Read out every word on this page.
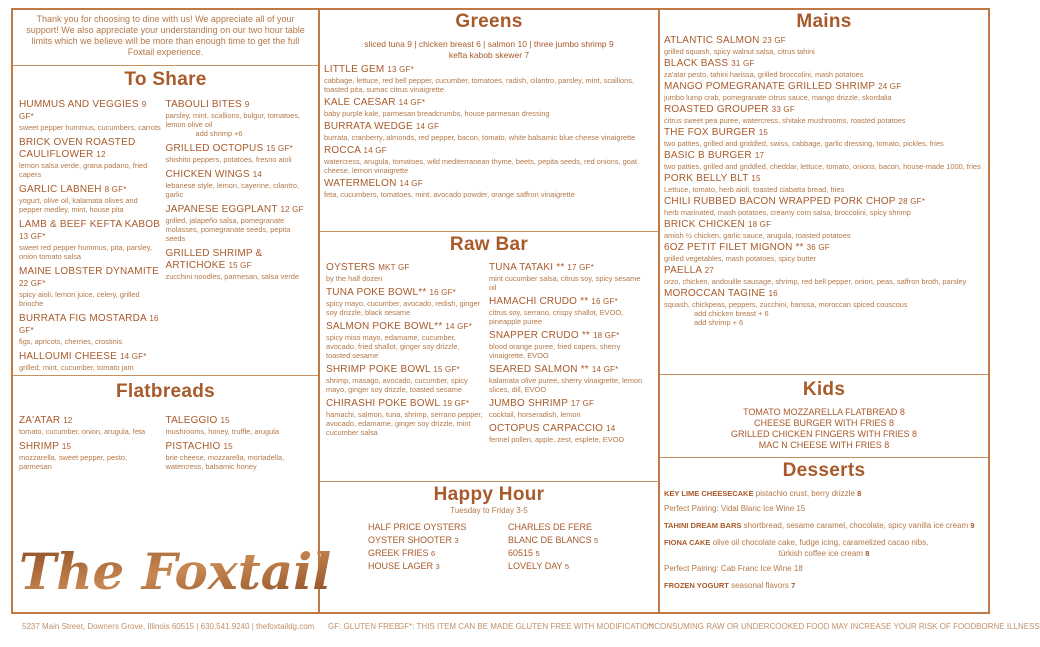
Thank you for choosing to dine with us! We appreciate all of your support! We also appreciate your understanding on our two hour table limits which we believe will be more than enough time to get the full Foxtail experience.
To Share
HUMMUS AND VEGGIES 9 GF*
sweet pepper hummus, cucumbers, carrots
BRICK OVEN ROASTED CAULIFLOWER 12
lemon salsa verde, grana padano, fried capers
GARLIC LABNEH 8 GF*
yogurt, olive oil, kalamata olives and pepper medley, mint, house pita
LAMB & BEEF KEFTA KABOB 13 GF*
sweet red pepper hummus, pita, parsley, onion tomato salsa
MAINE LOBSTER DYNAMITE 22 GF*
spicy aioli, lemon juice, celery, grilled brioche
BURRATA FIG MOSTARDA 16 GF*
figs, apricots, cherries, crostinis
HALLOUMI CHEESE 14 GF*
grilled, mint, cucumber, tomato jam
TABOULI BITES 9
parsley, mint, scallions, bulgur, tomatoes, lemon olive oil
add shrimp +6
GRILLED OCTOPUS 15 GF*
shishito peppers, potatoes, fresno aioli
CHICKEN WINGS 14
lebanese style, lemon, cayenne, cilantro, garlic
JAPANESE EGGPLANT 12 GF
grilled, jalapeño salsa, pomegranate molasses, pomegranate seeds, pepita seeds
GRILLED SHRIMP & ARTICHOKE 15 GF
zucchini noodles, parmesan, salsa verde
Flatbreads
ZA'ATAR 12
tomato, cucumber, onion, arugula, feta
SHRIMP 15
mozzarella, sweet pepper, pesto, parmesan
TALEGGIO 15
mushrooms, honey, truffle, arugula
PISTACHIO 15
brie cheese, mozzarella, mortadella, watercress, balsamic honey
The Foxtail
Greens
sliced tuna 9 | chicken breast 6 | salmon 10 | three jumbo shrimp 9
kefta kabob skewer 7
LITTLE GEM 13 GF*
cabbage, lettuce, red bell pepper, cucumber, tomatoes, radish, cilantro, parsley, mint, scallions, toasted pita, sumac citrus vinaigrette
KALE CAESAR 14 GF*
baby purple kale, parmesan breadcrumbs, house parmesan dressing
BURRATA WEDGE 14 GF
burrata, cranberry, almonds, red pepper, bacon, tomato, white balsamic blue cheese vinaigrette
ROCCA 14 GF
watercress, arugula, tomatoes, wild mediterranean thyme, beets, pepita seeds, red onions, goat cheese, lemon vinaigrette
WATERMELON 14 GF
feta, cucumbers, tomatoes, mint, avocado powder, orange saffron vinaigrette
Raw Bar
OYSTERS MKT GF
by the half dozen
TUNA POKE BOWL** 16 GF*
spicy mayo, cucumber, avocado, redish, ginger soy drizzle, black sesame
SALMON POKE BOWL** 14 GF*
spicy miso mayo, edamame, cucumber, avocado, fried shallot, ginger soy drizzle, toasted sesame
SHRIMP POKE BOWL 15 GF*
shrimp, masago, avocado, cucumber, spicy mayo, ginger soy drizzle, toasted sesame
CHIRASHI POKE BOWL 19 GF*
hamachi, salmon, tuna, shrimp, serrano pepper, avocado, edamame, ginger soy drizzle, mint cucumber salsa
TUNA TATAKI ** 17 GF*
mint cucumber salsa, citrus soy, spicy sesame oil
HAMACHI CRUDO ** 16 GF*
citrus soy, serrano, crispy shallot, EVOO, pineapple puree
SNAPPER CRUDO ** 18 GF*
blood orange puree, fried capers, sherry vinaigrette, EVOO
SEARED SALMON ** 14 GF*
kalamata olive puree, sherry vinaigrette, lemon slices, dill, EVOO
JUMBO SHRIMP 17 GF
cocktail, horseradish, lemon
OCTOPUS CARPACCIO 14
fennel pollen, apple, zest, esplete, EVOO
Happy Hour
Tuesday to Friday 3-5
HALF PRICE OYSTERS
OYSTER SHOOTER 3
GREEK FRIES 6
HOUSE LAGER 3
CHARLES DE FERE BLANC DE BLANCS 5
60515 5
LOVELY DAY 5
Mains
ATLANTIC SALMON 23 GF
grilled squash, spicy walnut salsa, citrus tahini
BLACK BASS 31 GF
za'atar pesto, tahini harissa, grilled broccolini, mash potatoes
MANGO POMEGRANATE GRILLED SHRIMP 24 GF
jumbo lump crab, pomegranate citrus sauce, mango drizzle, skordalia
ROASTED GROUPER 33 GF
citrus sweet pea puree, watercress, shitake mushrooms, roasted potatoes
THE FOX BURGER 15
two patties, grilled and griddled, swiss, cabbage, garlic dressing, tomato, pickles, fries
BASIC B BURGER 17
two patties, grilled and griddled, cheddar, lettuce, tomato, onions, bacon, house-made 1000, fries
PORK BELLY BLT 15
Lettuce, tomato, herb aioli, toasted ciabatta bread, fries
CHILI RUBBED BACON WRAPPED PORK CHOP 28 GF*
herb marinated, mash potatoes, creamy corn salsa, broccolini, spicy shrimp
BRICK CHICKEN 18 GF
amish ½ chicken, garlic sauce, arugula, roasted potatoes
6OZ PETIT FILET MIGNON ** 36 GF
grilled vegetables, mash potatoes, spicy butter
PAELLA 27
orzo, chicken, andouille sausage, shrimp, red bell pepper, onion, peas, saffron broth, parsley
MOROCCAN TAGINE 16
squash, chickpeas, peppers, zucchini, harissa, moroccan spiced couscous
add chicken breast + 6
add shrimp + 6
Kids
TOMATO MOZZARELLA FLATBREAD 8
CHEESE BURGER WITH FRIES 8
GRILLED CHICKEN FINGERS WITH FRIES 8
MAC N CHEESE WITH FRIES 8
Desserts
KEY LIME CHEESECAKE pistachio crust, berry drizzle 8
Perfect Pairing: Vidal Blanc Ice Wine 15
TAHINI DREAM BARS shortbread, sesame caramel, chocolate, spicy vanilla ice cream 9
FIONA CAKE olive oil chocolate cake, fudge icing, caramelized cacao nibs,
türkish coffee ice cream 8
Perfect Pairing: Cab Franc Ice Wine 18
FROZEN YOGURT seasonal flavors 7
5237 Main Street, Downers Grove, Illinois 60515 | 630.541.9240 | thefoxtaildg.com GF: GLUTEN FREE
GF*: THIS ITEM CAN BE MADE GLUTEN FREE WITH MODIFICATION
**CONSUMING RAW OR UNDERCOOKED FOOD MAY INCREASE YOUR RISK OF FOODBORNE ILLNESS
